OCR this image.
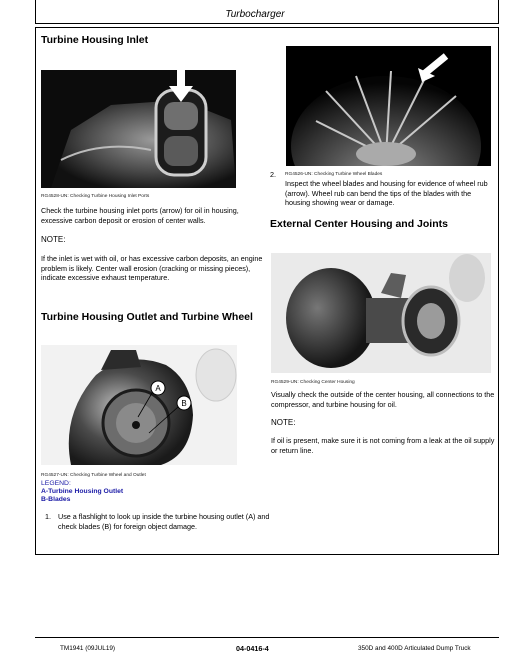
Turbocharger
Turbine Housing Inlet
RG4528-UN: Checking Turbine Housing Inlet Ports
Check the turbine housing inlet ports (arrow) for oil in housing, excessive carbon deposit or erosion of center walls.
NOTE:
If the inlet is wet with oil, or has excessive carbon deposits, an engine problem is likely. Center wall erosion (cracking or missing pieces), indicate excessive exhaust temperature.
Turbine Housing Outlet and Turbine Wheel
A
B
RG4527-UN: Checking Turbine Wheel and Outlet
LEGEND:
A-Turbine Housing Outlet
B-Blades
1. Use a flashlight to look up inside the turbine housing outlet (A) and check blades (B) for foreign object damage.
2. RG4526-UN: Checking Turbine Wheel Blades
Inspect the wheel blades and housing for evidence of wheel rub (arrow). Wheel rub can bend the tips of the blades with the housing showing wear or damage.
External Center Housing and Joints
RG4529-UN: Checking Center Housing
Visually check the outside of the center housing, all connections to the compressor, and turbine housing for oil.
NOTE:
If oil is present, make sure it is not coming from a leak at the oil supply or return line.
TM1941 (09JUL19)	04-0416-4	350D and 400D Articulated Dump Truck
